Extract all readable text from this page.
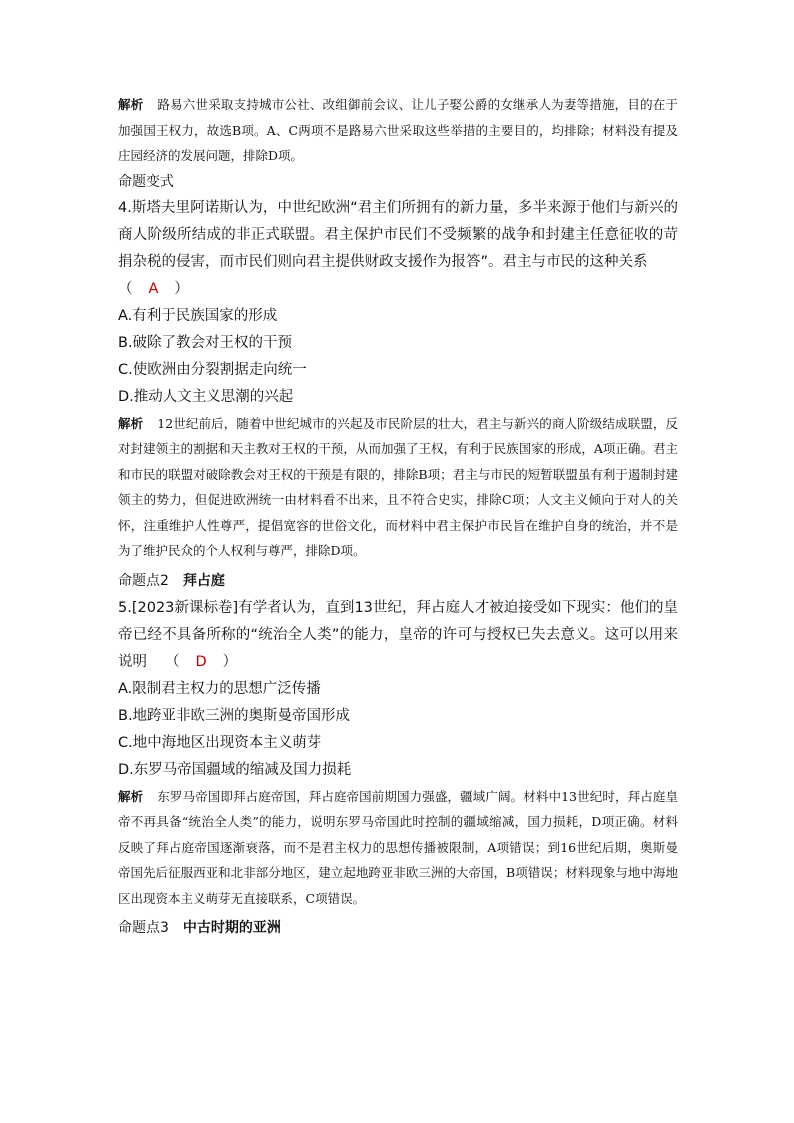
解析 路易六世采取支持城市公社、改组御前会议、让儿子娶公爵的女继承人为妻等措施，目的在于加强国王权力，故选B项。A、C两项不是路易六世采取这些举措的主要目的，均排除；材料没有提及庄园经济的发展问题，排除D项。

命题变式

4.斯塔夫里阿诺斯认为，中世纪欧洲“君主们所拥有的新力量，多半来源于他们与新兴的商人阶级所结成的非正式联盟。君主保护市民们不受频繁的战争和封建主任意征收的苛捐杂税的侵害，而市民们则向君主提供财政支援作为报答”。君主与市民的这种关系
（ A ）

A.有利于民族国家的形成

B.破除了教会对王权的干预

C.使欧洲由分裂割据走向统一

D.推动人文主义思潮的兴起

解析 12世纪前后，随着中世纪城市的兴起及市民阶层的壮大，君主与新兴的商人阶级结成联盟，反对封建领主的割据和天主教对王权的干预，从而加强了王权，有利于民族国家的形成，A项正确。君主和市民的联盟对破除教会对王权的干预是有限的，排除B项；君主与市民的短暂联盟虽有利于遏制封建领主的势力，但促进欧洲统一由材料看不出来，且不符合史实，排除C项；人文主义倾向于对人的关怀，注重维护人性尊严，提倡宽容的世俗文化，而材料中君主保护市民旨在维护自身的统治，并不是为了维护民众的个人权利与尊严，排除D项。

命题点2 拜占庭

5.[2023新课标卷]有学者认为，直到13世纪，拜占庭人才被迫接受如下现实：他们的皇帝已经不具备所称的“统治全人类”的能力，皇帝的许可与授权已失去意义。这可以用来说明 （ D ）

A.限制君主权力的思想广泛传播

B.地跨亚非欧三洲的奥斯曼帝国形成

C.地中海地区出现资本主义萌芽

D.东罗马帝国疆域的缩减及国力损耗

解析 东罗马帝国即拜占庭帝国，拜占庭帝国前期国力强盛，疆域广阔。材料中13世纪时，拜占庭皇帝不再具备“统治全人类”的能力，说明东罗马帝国此时控制的疆域缩减，国力损耗，D项正确。材料反映了拜占庭帝国逐渐衰落，而不是君主权力的思想传播被限制，A项错误；到16世纪后期，奥斯曼帝国先后征服西亚和北非部分地区，建立起地跨亚非欧三洲的大帝国，B项错误；材料现象与地中海地区出现资本主义萌芽无直接联系，C项错误。

命题点3 中古时期的亚洲
